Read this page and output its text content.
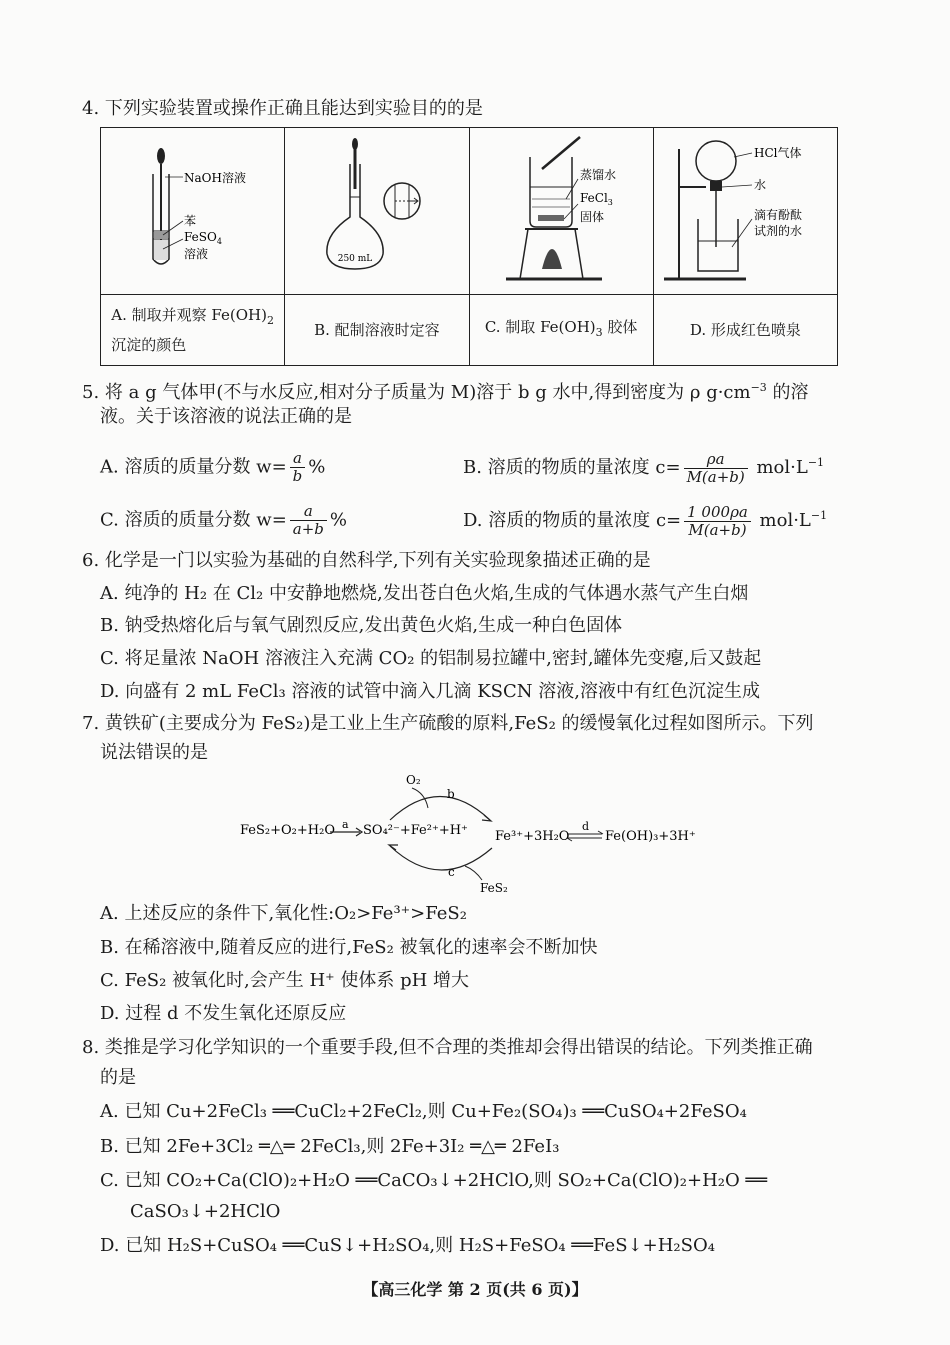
4. 下列实验装置或操作正确且能达到实验目的的是
NaOH溶液
苯
FeSO$_4$
溶液	250 mL	蒸馏水
FeCl$_3$
固体	HCl气体
水
滴有酚酞
试剂的水

A. 制取并观察 $Fe(OH)_2$
沉淀的颜色	B. 配制溶液时定容	C. 制取 $Fe(OH)_3$ 胶体	D. 形成红色喷泉
5. 将 a g 气体甲(不与水反应,相对分子质量为 M)溶于 b g 水中,得到密度为 ρ $g\cdot cm^{-3}$ 的溶
液。关于该溶液的说法正确的是
A. 溶质的质量分数 $w= \frac{a}{b}$ %	B. 溶质的物质的量浓度 $c= \frac{\rho a}{M(a+b)} mol\cdot L^{-1}$
C. 溶质的质量分数 $w= \frac{a}{a+b}$ %	D. 溶质的物质的量浓度 $c= \frac{1 000\rho a}{M(a+b)} mol\cdot L^{-1}$
6. 化学是一门以实验为基础的自然科学,下列有关实验现象描述正确的是
A. 纯净的 H₂ 在 Cl₂ 中安静地燃烧,发出苍白色火焰,生成的气体遇水蒸气产生白烟
B. 钠受热熔化后与氧气剧烈反应,发出黄色火焰,生成一种白色固体
C. 将足量浓 NaOH 溶液注入充满 CO₂ 的铝制易拉罐中,密封,罐体先变瘪,后又鼓起
D. 向盛有 2 mL FeCl₃ 溶液的试管中滴入几滴 KSCN 溶液,溶液中有红色沉淀生成
7. 黄铁矿(主要成分为 FeS₂)是工业上生产硫酸的原料,FeS₂ 的缓慢氧化过程如图所示。下列
说法错误的是
FeS₂+O₂+H₂O a SO₄²⁻+Fe²⁺+H⁺
O₂
b
c
FeS₂
Fe³⁺+3H₂O
d
Fe(OH)₃+3H⁺
A. 上述反应的条件下,氧化性:O₂>Fe³⁺>FeS₂
B. 在稀溶液中,随着反应的进行,FeS₂ 被氧化的速率会不断加快
C. FeS₂ 被氧化时,会产生 H⁺ 使体系 pH 增大
D. 过程 d 不发生氧化还原反应
8. 类推是学习化学知识的一个重要手段,但不合理的类推却会得出错误的结论。下列类推正确
的是
A. 已知 Cu+2FeCl₃ ══CuCl₂+2FeCl₂,则 Cu+Fe₂(SO₄)₃ ══CuSO₄+2FeSO₄
B. 已知 2Fe+3Cl₂ ═△═ 2FeCl₃,则 2Fe+3I₂ ═△═ 2FeI₃
C. 已知 CO₂+Ca(ClO)₂+H₂O ══CaCO₃↓+2HClO,则 SO₂+Ca(ClO)₂+H₂O ══
CaSO₃↓+2HClO
D. 已知 H₂S+CuSO₄ ══CuS↓+H₂SO₄,则 H₂S+FeSO₄ ══FeS↓+H₂SO₄
【高三化学 第 2 页(共 6 页)】
